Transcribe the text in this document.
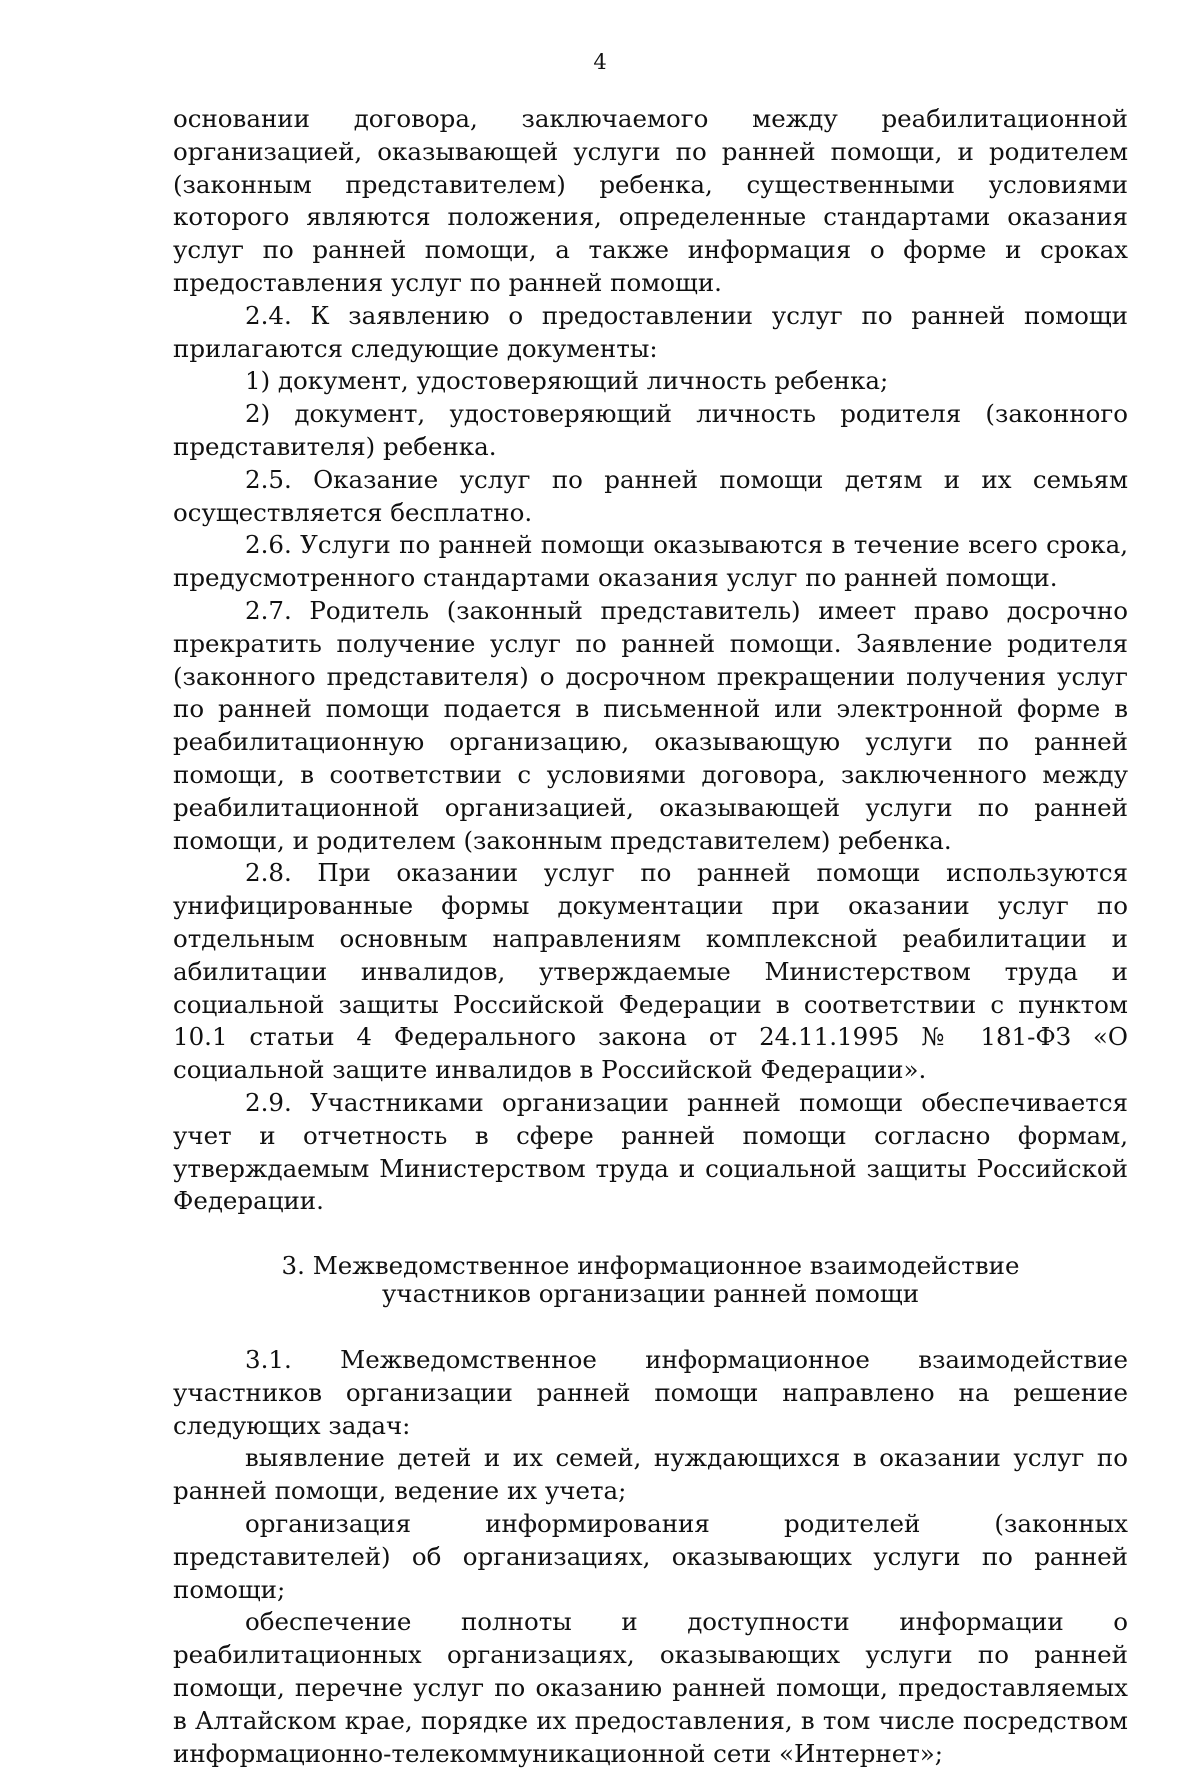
4

основании договора, заключаемого между реабилитационной организацией, оказывающей услуги по ранней помощи, и родителем (законным представителем) ребенка, существенными условиями которого являются положения, определенные стандартами оказания услуг по ранней помощи, а также информация о форме и сроках предоставления услуг по ранней помощи.

2.4. К заявлению о предоставлении услуг по ранней помощи прилагаются следующие документы:

1) документ, удостоверяющий личность ребенка;

2) документ, удостоверяющий личность родителя (законного представителя) ребенка.

2.5. Оказание услуг по ранней помощи детям и их семьям осуществляется бесплатно.

2.6. Услуги по ранней помощи оказываются в течение всего срока, предусмотренного стандартами оказания услуг по ранней помощи.

2.7. Родитель (законный представитель) имеет право досрочно прекратить получение услуг по ранней помощи. Заявление родителя (законного представителя) о досрочном прекращении получения услуг по ранней помощи подается в письменной или электронной форме в реабилитационную организацию, оказывающую услуги по ранней помощи, в соответствии с условиями договора, заключенного между реабилитационной организацией, оказывающей услуги по ранней помощи, и родителем (законным представителем) ребенка.

2.8. При оказании услуг по ранней помощи используются унифицированные формы документации при оказании услуг по отдельным основным направлениям комплексной реабилитации и абилитации инвалидов, утверждаемые Министерством труда и социальной защиты Российской Федерации в соответствии с пунктом 10.1 статьи 4 Федерального закона от 24.11.1995 № 181-ФЗ «О социальной защите инвалидов в Российской Федерации».

2.9. Участниками организации ранней помощи обеспечивается учет и отчетность в сфере ранней помощи согласно формам, утверждаемым Министерством труда и социальной защиты Российской Федерации.

3. Межведомственное информационное взаимодействие
участников организации ранней помощи

3.1. Межведомственное информационное взаимодействие участников организации ранней помощи направлено на решение следующих задач:

выявление детей и их семей, нуждающихся в оказании услуг по ранней помощи, ведение их учета;

организация информирования родителей (законных представителей) об организациях, оказывающих услуги по ранней помощи;

обеспечение полноты и доступности информации о реабилитационных организациях, оказывающих услуги по ранней помощи, перечне услуг по оказанию ранней помощи, предоставляемых в Алтайском крае, порядке их предоставления, в том числе посредством информационно-телекоммуникационной сети «Интернет»;
